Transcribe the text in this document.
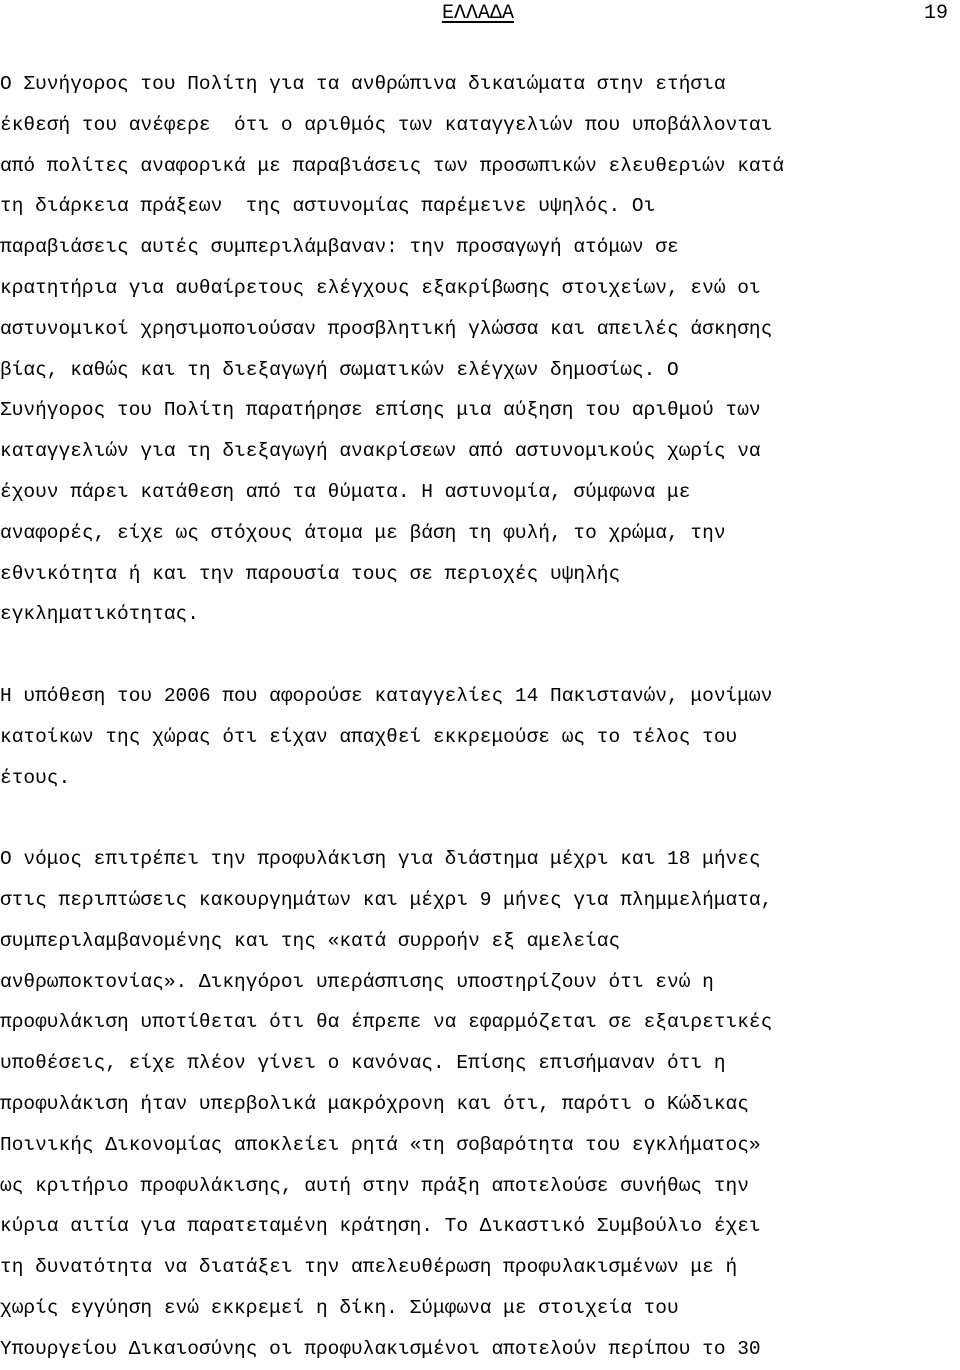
ΕΛΛΑΔΑ	19
Ο Συνήγορος του Πολίτη για τα ανθρώπινα δικαιώματα στην ετήσια
έκθεσή του ανέφερε  ότι ο αριθμός των καταγγελιών που υποβάλλονται
από πολίτες αναφορικά με παραβιάσεις των προσωπικών ελευθεριών κατά
τη διάρκεια πράξεων  της αστυνομίας παρέμεινε υψηλός. Οι
παραβιάσεις αυτές συμπεριλάμβαναν: την προσαγωγή ατόμων σε
κρατητήρια για αυθαίρετους ελέγχους εξακρίβωσης στοιχείων, ενώ οι
αστυνομικοί χρησιμοποιούσαν προσβλητική γλώσσα και απειλές άσκησης
βίας, καθώς και τη διεξαγωγή σωματικών ελέγχων δημοσίως. Ο
Συνήγορος του Πολίτη παρατήρησε επίσης μια αύξηση του αριθμού των
καταγγελιών για τη διεξαγωγή ανακρίσεων από αστυνομικούς χωρίς να
έχουν πάρει κατάθεση από τα θύματα. Η αστυνομία, σύμφωνα με
αναφορές, είχε ως στόχους άτομα με βάση τη φυλή, το χρώμα, την
εθνικότητα ή και την παρουσία τους σε περιοχές υψηλής
εγκληματικότητας.
Η υπόθεση του 2006 που αφορούσε καταγγελίες 14 Πακιστανών, μονίμων
κατοίκων της χώρας ότι είχαν απαχθεί εκκρεμούσε ως το τέλος του
έτους.
Ο νόμος επιτρέπει την προφυλάκιση για διάστημα μέχρι και 18 μήνες
στις περιπτώσεις κακουργημάτων και μέχρι 9 μήνες για πλημμελήματα,
συμπεριλαμβανομένης και της «κατά συρροήν εξ αμελείας
ανθρωποκτονίας». Δικηγόροι υπεράσπισης υποστηρίζουν ότι ενώ η
προφυλάκιση υποτίθεται ότι θα έπρεπε να εφαρμόζεται σε εξαιρετικές
υποθέσεις, είχε πλέον γίνει ο κανόνας. Επίσης επισήμαναν ότι η
προφυλάκιση ήταν υπερβολικά μακρόχρονη και ότι, παρότι ο Κώδικας
Ποινικής Δικονομίας αποκλείει ρητά «τη σοβαρότητα του εγκλήματος»
ως κριτήριο προφυλάκισης, αυτή στην πράξη αποτελούσε συνήθως την
κύρια αιτία για παρατεταμένη κράτηση. Το Δικαστικό Συμβούλιο έχει
τη δυνατότητα να διατάξει την απελευθέρωση προφυλακισμένων με ή
χωρίς εγγύηση ενώ εκκρεμεί η δίκη. Σύμφωνα με στοιχεία του
Υπουργείου Δικαιοσύνης οι προφυλακισμένοι αποτελούν περίπου το 30
